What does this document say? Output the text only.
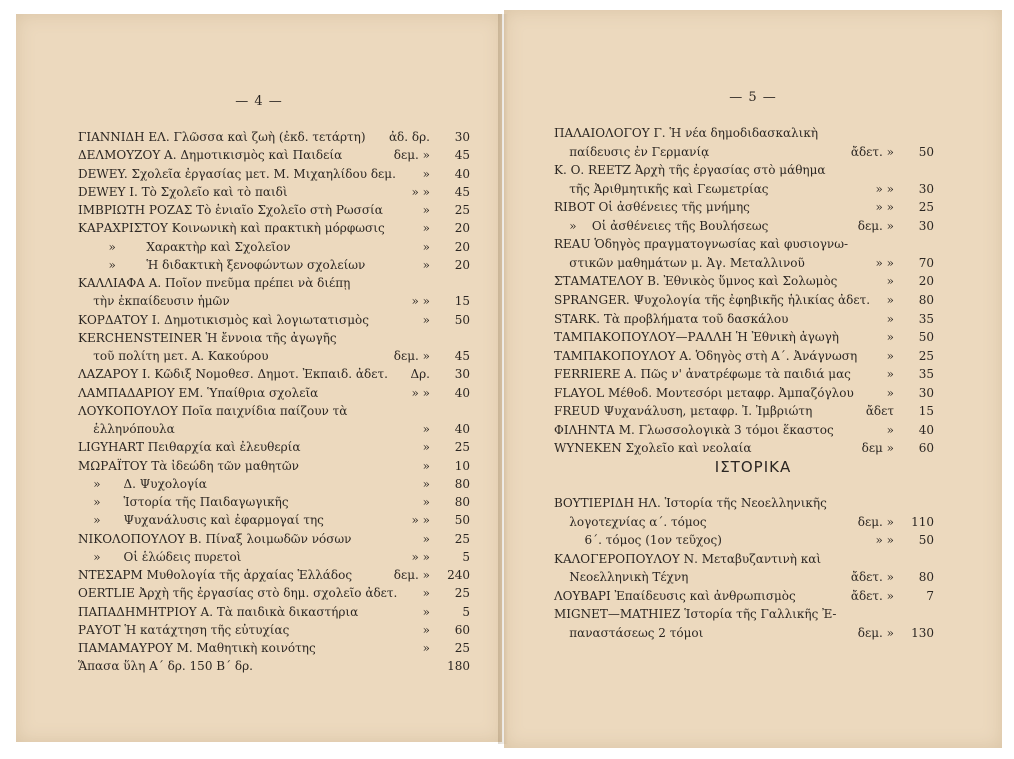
— 4 —
ΓΙΑΝΝΙΔΗ ΕΛ. Γλῶσσα καὶ ζωὴ (ἐκδ. τετάρτη) ἀδ. δρ.	30
ΔΕΛΜΟΥΖΟΥ Α. Δημοτικισμὸς καὶ Παιδεία	δεμ. »	45
DEWEY. Σχολεῖα ἐργασίας μετ. Μ. Μιχαηλίδου δεμ. »	40
DEWEY I. Τὸ Σχολεῖο καὶ τὸ παιδὶ	» »	45
ΙΜΒΡΙΩΤΗ ΡΟΖΑΣ Τὸ ἑνιαῖο Σχολεῖο στὴ Ρωσσία	»	25
ΚΑΡΑΧΡΙΣΤΟΥ Κοινωνικὴ καὶ πρακτικὴ μόρφωσις	»	20
»        Χαρακτὴρ καὶ Σχολεῖον	»	20
»        Ἡ διδακτικὴ ξενοφώντων σχολείων	»	20
ΚΑΛΛΙΑΦΑ Α. Ποῖον πνεῦμα πρέπει νὰ διέπῃ
τὴν ἐκπαίδευσιν ἡμῶν	» »	15
ΚΟΡΔΑΤΟΥ Ι. Δημοτικισμὸς καὶ λογιωτατισμὸς	»	50
KERCHENSTEINER Ἡ ἔννοια τῆς ἀγωγῆς
τοῦ πολίτη μετ. Α. Κακούρου	δεμ. »	45
ΛΑΖΑΡΟΥ Ι. Κῶδιξ Νομοθεσ. Δημοτ. Ἐκπαιδ. ἀδετ. Δρ.	30
ΛΑΜΠΑΔΑΡΙΟΥ ΕΜ. Ὑπαίθρια σχολεῖα	» »	40
ΛΟΥΚΟΠΟΥΛΟΥ Ποῖα παιχνίδια παίζουν τὰ
ἑλληνόπουλα	»	40
LIGYHART Πειθαρχία καὶ ἐλευθερία	»	25
ΜΩΡΑΪΤΟΥ Τὰ ἰδεώδη τῶν μαθητῶν	»	10
»      Δ. Ψυχολογία	»	80
»      Ἱστορία τῆς Παιδαγωγικῆς	»	80
»      Ψυχανάλυσις καὶ ἐφαρμογαί της	» »	50
ΝΙΚΟΛΟΠΟΥΛΟΥ Β. Πίναξ λοιμωδῶν νόσων	»	25
»      Οἱ ἑλώδεις πυρετοὶ	» »	5
ΝΤΕΣΑΡΜ Μυθολογία τῆς ἀρχαίας Ἑλλάδος	δεμ. »	240
OERTLIE Ἀρχὴ τῆς ἐργασίας στὸ δημ. σχολεῖο ἀδετ. »	25
ΠΑΠΑΔΗΜΗΤΡΙΟΥ Α. Τὰ παιδικὰ δικαστήρια	»	5
ΡΑΥΟΤ Ἡ κατάχτηση τῆς εὐτυχίας	»	60
ΠΑΜΑΜΑΥΡΟΥ Μ. Μαθητικὴ κοινότης	»	25
Ἅπασα ὕλη Α΄ δρ. 150 Β΄ δρ.	180
— 5 —
ΠΑΛΑΙΟΛΟΓΟΥ Γ. Ἡ νέα δημοδιδασκαλικὴ
παίδευσις ἐν Γερμανίᾳ	ἄδετ. »	50
Κ. Ο. REETZ Ἀρχὴ τῆς ἐργασίας στὸ μάθημα
τῆς Ἀριθμητικῆς καὶ Γεωμετρίας	» »	30
RIBOT Οἱ ἀσθένειες τῆς μνήμης	» »	25
»    Οἱ ἀσθένειες τῆς Βουλήσεως	δεμ. »	30
REAU Ὁδηγὸς πραγματογνωσίας καὶ φυσιογνω-
στικῶν μαθημάτων μ. Ἀγ. Μεταλλινοῦ	» »	70
ΣΤΑΜΑΤΕΛΟΥ Β. Ἐθνικὸς ὕμνος καὶ Σολωμὸς	»	20
SPRANGER. Ψυχολογία τῆς ἐφηβικῆς ἡλικίας ἀδετ. »	80
STARK. Τὰ προβλήματα τοῦ δασκάλου	»	35
ΤΑΜΠΑΚΟΠΟΥΛΟΥ—ΡΑΛΛΗ Ἡ Ἐθνικὴ ἀγωγὴ	»	50
ΤΑΜΠΑΚΟΠΟΥΛΟΥ Α. Ὁδηγὸς στὴ Α΄. Ἀνάγνωση »	25
FERRIERE A. Πῶς ν' ἀνατρέφωμε τὰ παιδιά μας	»	35
FLAYOL Μέθοδ. Μοντεσόρι μεταφρ. Ἀμπαζόγλου	»	30
FREUD Ψυχανάλυση, μεταφρ. Ἰ. Ἰμβριώτη	ἄδετ	15
ΦΙΛΗΝΤΑ Μ. Γλωσσολογικὰ 3 τόμοι ἕκαστος	»	40
WYNEKEN Σχολεῖο καὶ νεολαία	δεμ »	60
ΙΣΤΟΡΙΚΑ
ΒΟΥΤΙΕΡΙΔΗ ΗΛ. Ἱστορία τῆς Νεοελληνικῆς
λογοτεχνίας α΄. τόμος	δεμ. »	110
6΄. τόμος (1ον τεῦχος)	» »	50
ΚΑΛΟΓΕΡΟΠΟΥΛΟΥ Ν. Μεταβυζαντινὴ καὶ
Νεοελληνικὴ Τέχνη	ἄδετ. »	80
ΛΟΥΒΑΡΙ Ἐπαίδευσις καὶ ἀνθρωπισμὸς	ἄδετ. »	7
MIGNET—MATHIEZ Ἱστορία τῆς Γαλλικῆς Ἐ-
παναστάσεως 2 τόμοι	δεμ. »	130
